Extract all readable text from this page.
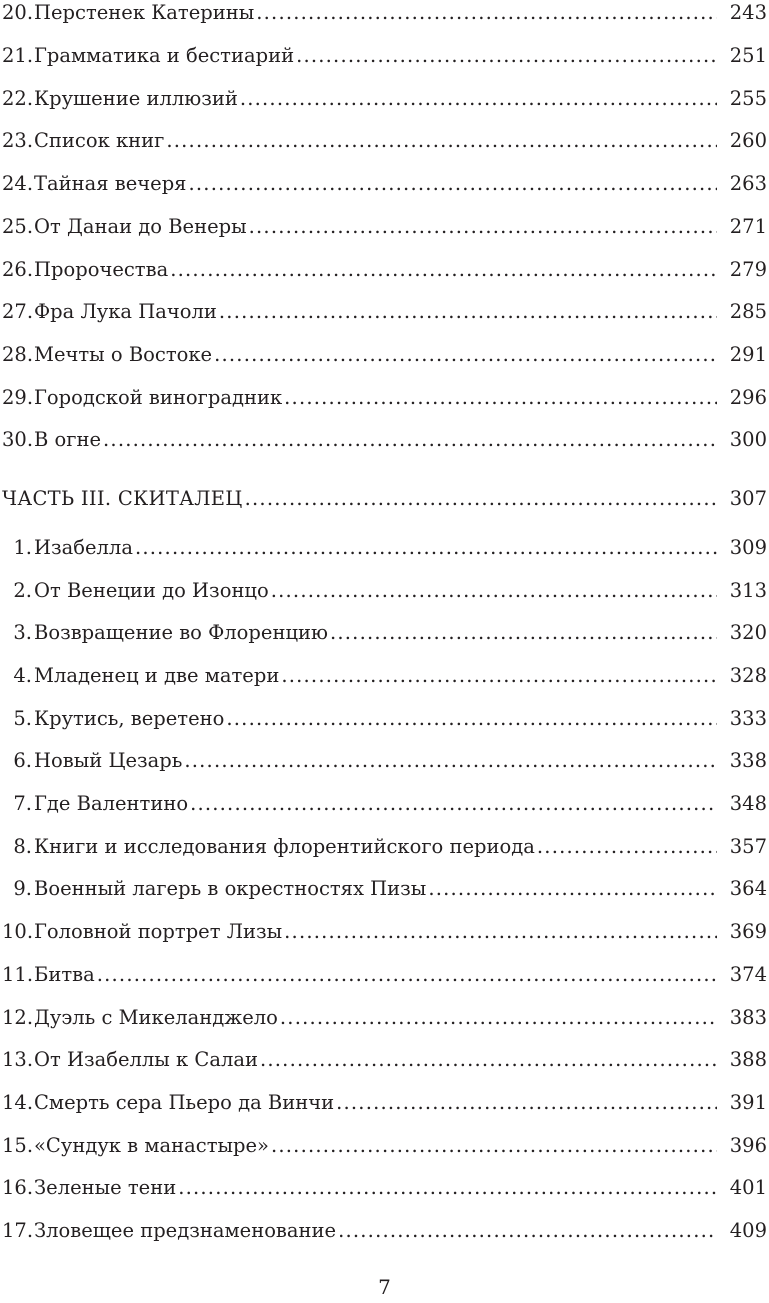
20. Перстенек Катерины .....	243
21. Грамматика и бестиарий .....	251
22. Крушение иллюзий .....	255
23. Список книг .....	260
24. Тайная вечеря .....	263
25. От Данаи до Венеры .....	271
26. Пророчества .....	279
27. Фра Лука Пачоли .....	285
28. Мечты о Востоке .....	291
29. Городской виноградник .....	296
30. В огне .....	300
ЧАСТЬ III. СКИТАЛЕЦ .....	307
1. Изабелла .....	309
2. От Венеции до Изонцо .....	313
3. Возвращение во Флоренцию .....	320
4. Младенец и две матери .....	328
5. Крутись, веретено .....	333
6. Новый Цезарь .....	338
7. Где Валентино .....	348
8. Книги и исследования флорентийского периода .....	357
9. Военный лагерь в окрестностях Пизы .....	364
10. Головной портрет Лизы .....	369
11. Битва .....	374
12. Дуэль с Микеланджело .....	383
13. От Изабеллы к Салаи .....	388
14. Смерть сера Пьеро да Винчи .....	391
15. «Сундук в манастыре» .....	396
16. Зеленые тени .....	401
17. Зловещее предзнаменование .....	409
7
